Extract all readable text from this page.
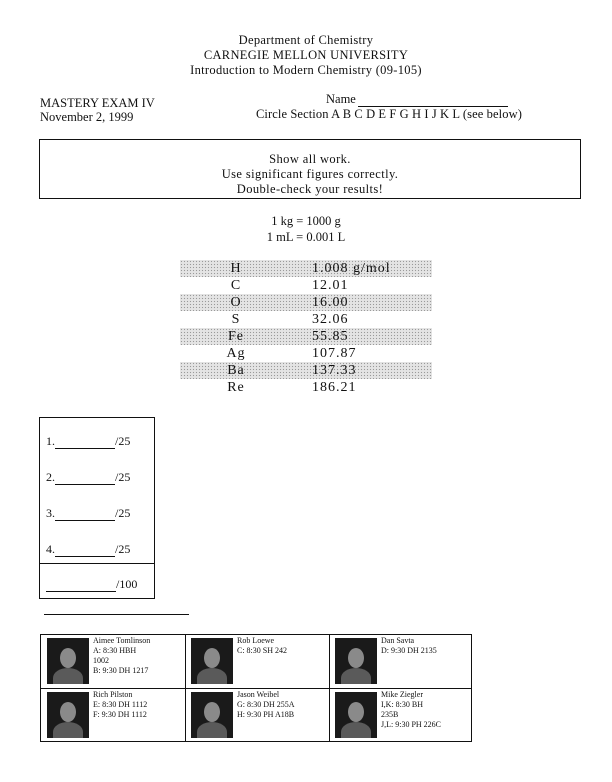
Department of Chemistry
CARNEGIE MELLON UNIVERSITY
Introduction to Modern Chemistry (09-105)
MASTERY EXAM IV
November 2, 1999
Name
Circle Section A B C D E F G H I J K L (see below)
Show all work.
Use significant figures correctly.
Double-check your results!
1 kg = 1000 g
1 mL = 0.001 L
H	1.008 g/mol
C	12.01
O	16.00
S	32.06
Fe	55.85
Ag	107.87
Ba	137.33
Re	186.21
1.	/25
2.	/25
3.	/25
4.	/25
/100
Aimee Tomlinson
A: 8:30 HBH
1002
B: 9:30 DH 1217
Rob Loewe
C: 8:30 SH 242
Dan Savta
D: 9:30 DH 2135
Rich Pilston
E: 8:30 DH 1112
F: 9:30 DH 1112
Jason Weibel
G: 8:30 DH 255A
H: 9:30 PH A18B
Mike Ziegler
I,K: 8:30 BH
235B
J,L: 9:30 PH 226C
